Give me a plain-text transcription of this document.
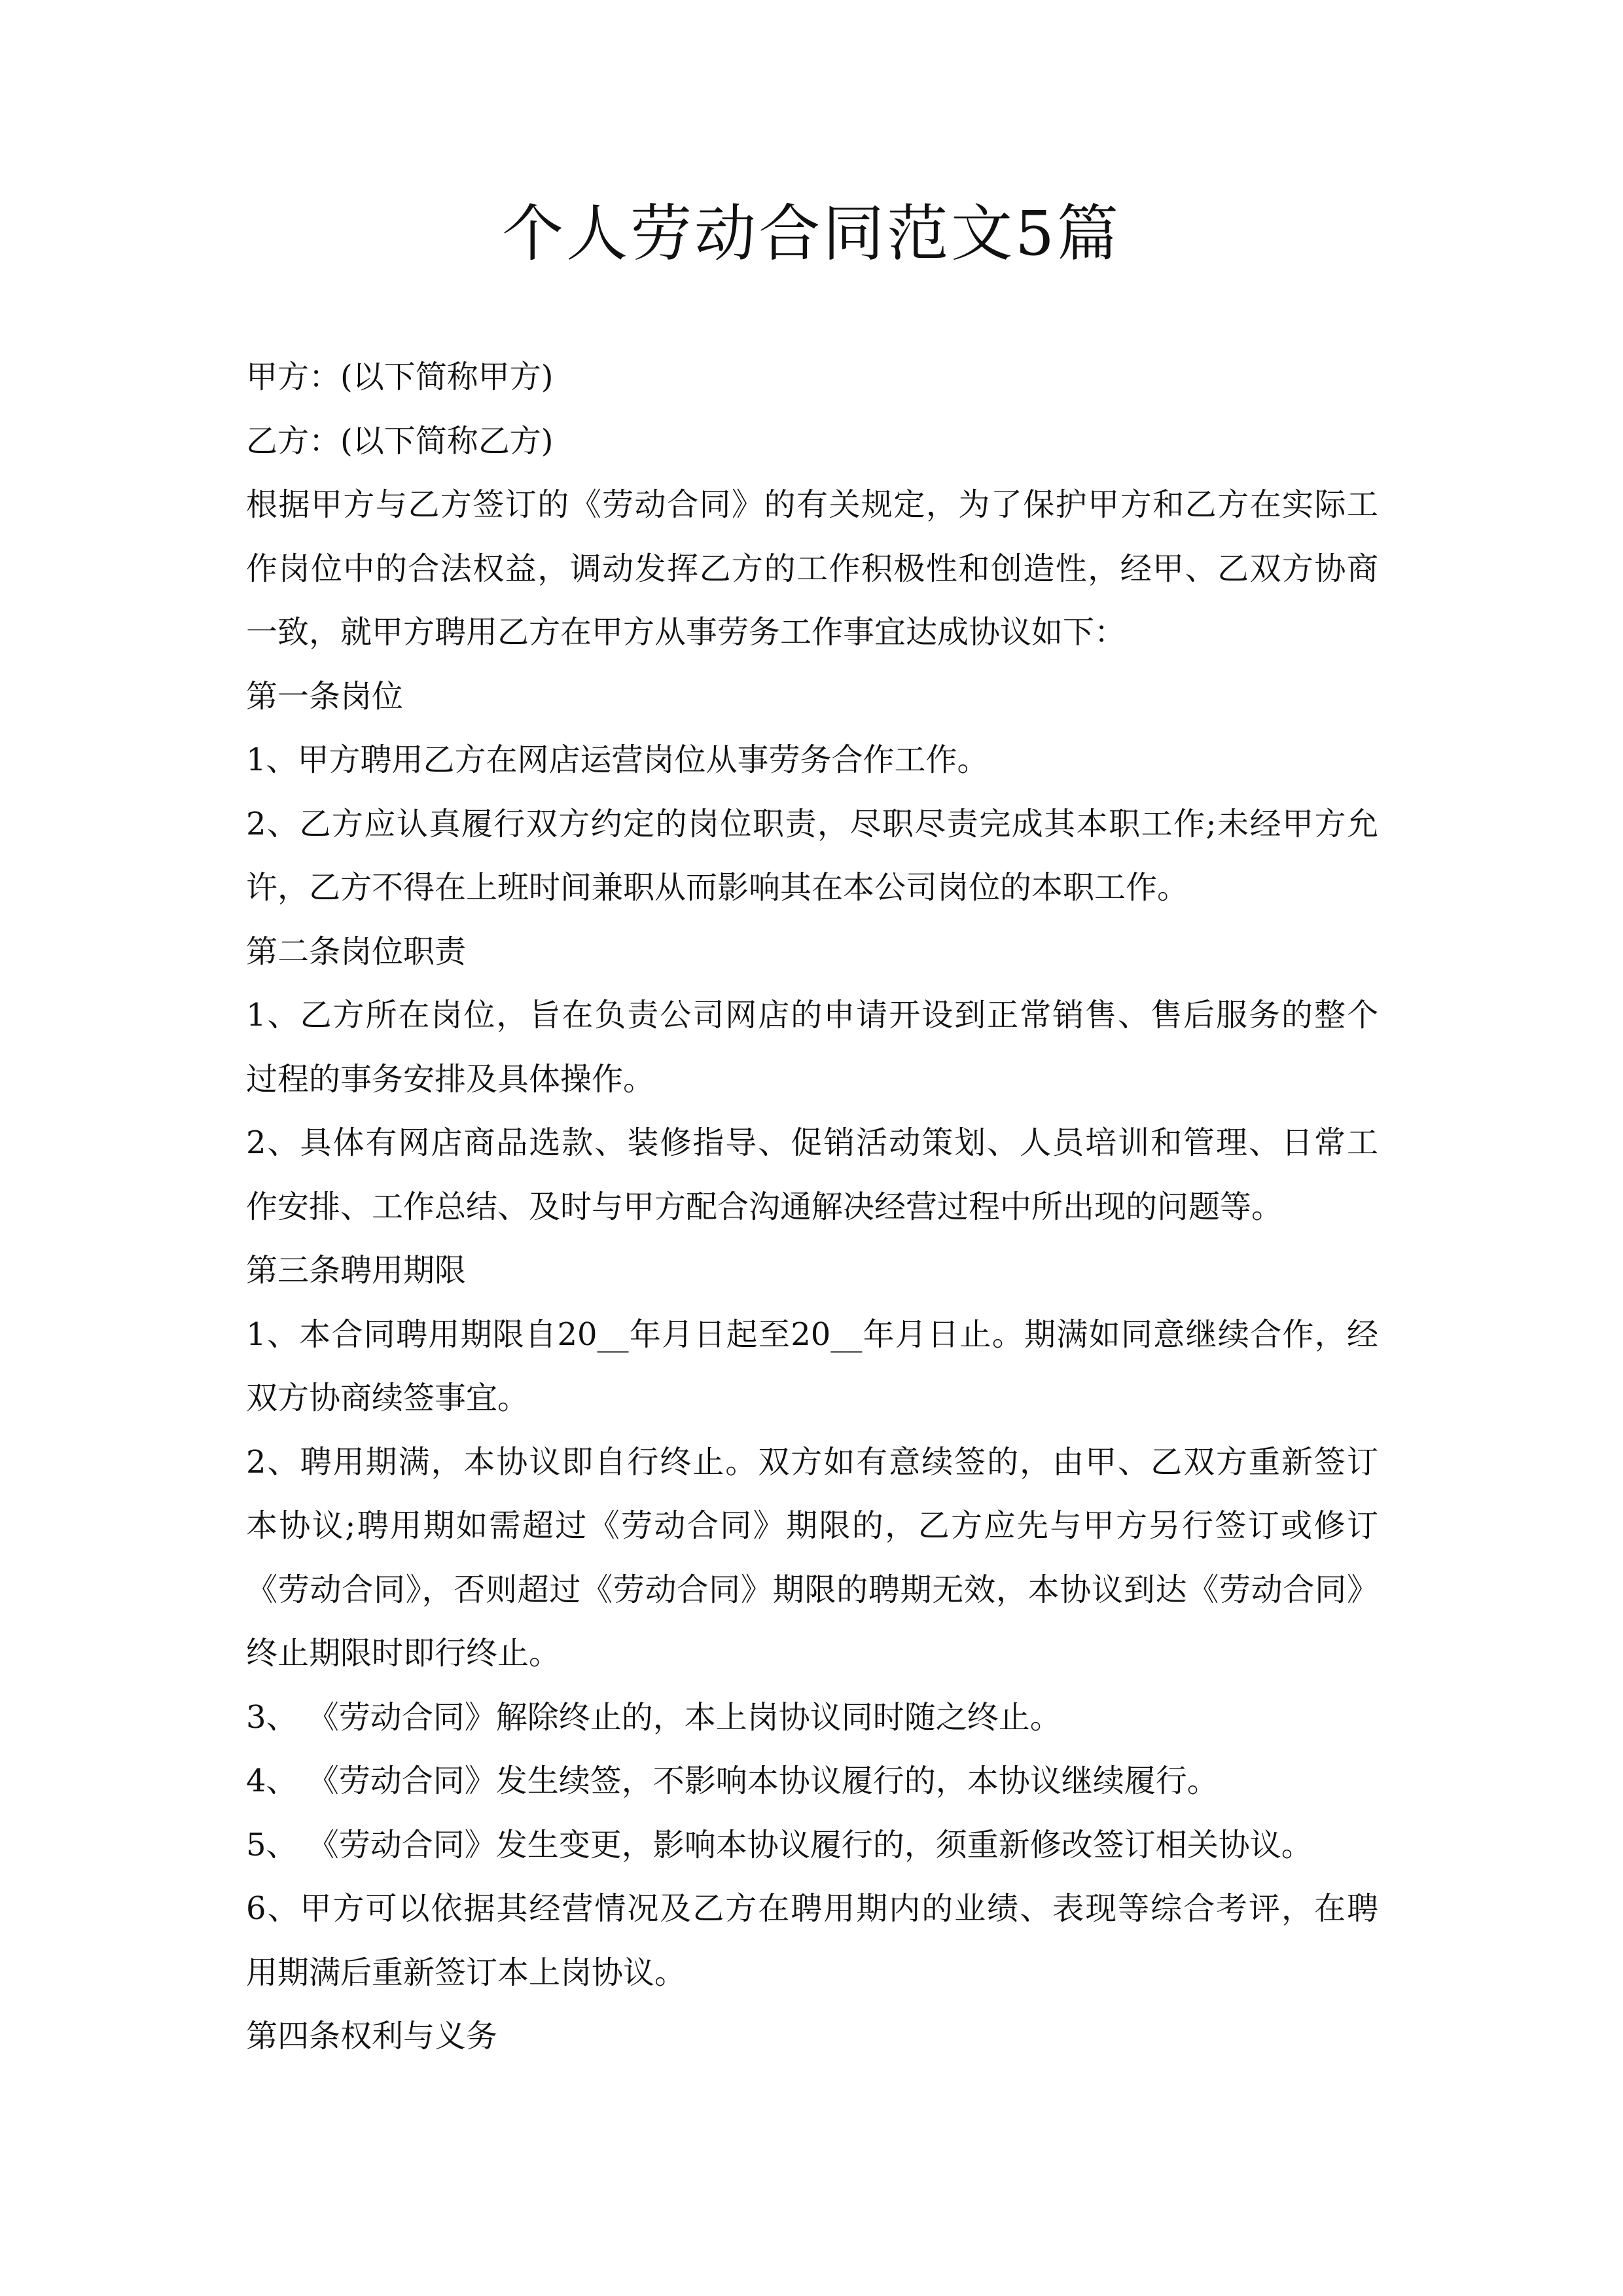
个人劳动合同范文5篇
甲方：(以下简称甲方)
乙方：(以下简称乙方)
根据甲方与乙方签订的《劳动合同》的有关规定，为了保护甲方和乙方在实际工
作岗位中的合法权益，调动发挥乙方的工作积极性和创造性，经甲、乙双方协商
一致，就甲方聘用乙方在甲方从事劳务工作事宜达成协议如下：
第一条岗位
1、甲方聘用乙方在网店运营岗位从事劳务合作工作。
2、乙方应认真履行双方约定的岗位职责，尽职尽责完成其本职工作;未经甲方允
许，乙方不得在上班时间兼职从而影响其在本公司岗位的本职工作。
第二条岗位职责
1、乙方所在岗位，旨在负责公司网店的申请开设到正常销售、售后服务的整个
过程的事务安排及具体操作。
2、具体有网店商品选款、装修指导、促销活动策划、人员培训和管理、日常工
作安排、工作总结、及时与甲方配合沟通解决经营过程中所出现的问题等。
第三条聘用期限
1、本合同聘用期限自20__年月日起至20__年月日止。期满如同意继续合作，经
双方协商续签事宜。
2、聘用期满，本协议即自行终止。双方如有意续签的，由甲、乙双方重新签订
本协议;聘用期如需超过《劳动合同》期限的，乙方应先与甲方另行签订或修订
《劳动合同》，否则超过《劳动合同》期限的聘期无效，本协议到达《劳动合同》
终止期限时即行终止。
3、 《劳动合同》解除终止的，本上岗协议同时随之终止。
4、 《劳动合同》发生续签，不影响本协议履行的，本协议继续履行。
5、 《劳动合同》发生变更，影响本协议履行的，须重新修改签订相关协议。
6、甲方可以依据其经营情况及乙方在聘用期内的业绩、表现等综合考评，在聘
用期满后重新签订本上岗协议。
第四条权利与义务
